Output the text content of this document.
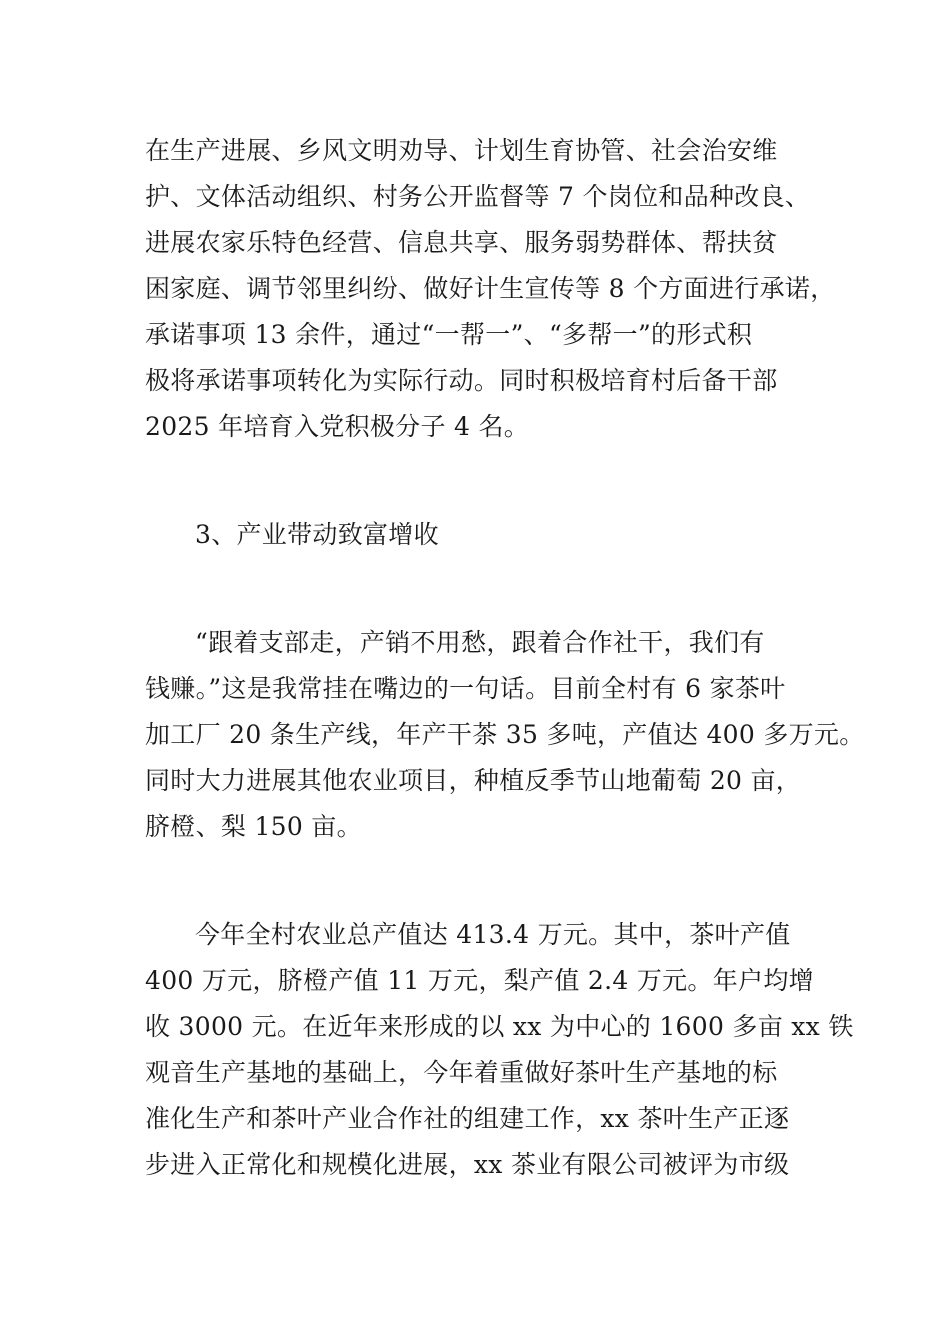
在生产进展、乡风文明劝导、计划生育协管、社会治安维
护、文体活动组织、村务公开监督等 7 个岗位和品种改良、
进展农家乐特色经营、信息共享、服务弱势群体、帮扶贫
困家庭、调节邻里纠纷、做好计生宣传等 8 个方面进行承诺，
承诺事项 13 余件，通过“一帮一”、“多帮一”的形式积
极将承诺事项转化为实际行动。同时积极培育村后备干部
2025 年培育入党积极分子 4 名。
3、产业带动致富增收
“跟着支部走，产销不用愁，跟着合作社干，我们有
钱赚。”这是我常挂在嘴边的一句话。目前全村有 6 家茶叶
加工厂 20 条生产线，年产干茶 35 多吨，产值达 400 多万元。
同时大力进展其他农业项目，种植反季节山地葡萄 20 亩，
脐橙、梨 150 亩。
今年全村农业总产值达 413.4 万元。其中，茶叶产值
400 万元，脐橙产值 11 万元，梨产值 2.4 万元。年户均增
收 3000 元。在近年来形成的以 xx 为中心的 1600 多亩 xx 铁
观音生产基地的基础上，今年着重做好茶叶生产基地的标
准化生产和茶叶产业合作社的组建工作，xx 茶叶生产正逐
步进入正常化和规模化进展，xx 茶业有限公司被评为市级
